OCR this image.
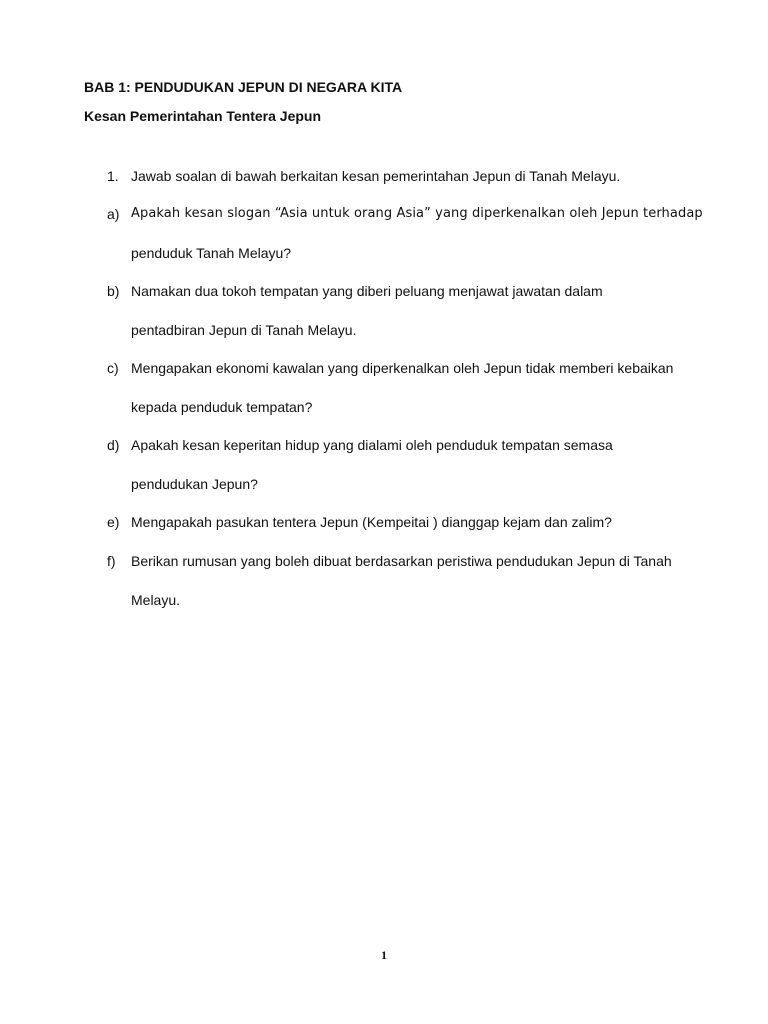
BAB 1: PENDUDUKAN JEPUN DI NEGARA KITA

Kesan Pemerintahan Tentera Jepun

1. Jawab soalan di bawah berkaitan kesan pemerintahan Jepun di Tanah Melayu.

a) Apakah kesan slogan “Asia untuk orang Asia” yang diperkenalkan oleh Jepun terhadap

penduduk Tanah Melayu?

b) Namakan dua tokoh tempatan yang diberi peluang menjawat jawatan dalam

pentadbiran Jepun di Tanah Melayu.

c) Mengapakan ekonomi kawalan yang diperkenalkan oleh Jepun tidak memberi kebaikan

kepada penduduk tempatan?

d) Apakah kesan keperitan hidup yang dialami oleh penduduk tempatan semasa

pendudukan Jepun?

e) Mengapakah pasukan tentera Jepun (Kempeitai ) dianggap kejam dan zalim?

f) Berikan rumusan yang boleh dibuat berdasarkan peristiwa pendudukan Jepun di Tanah

Melayu.

1
